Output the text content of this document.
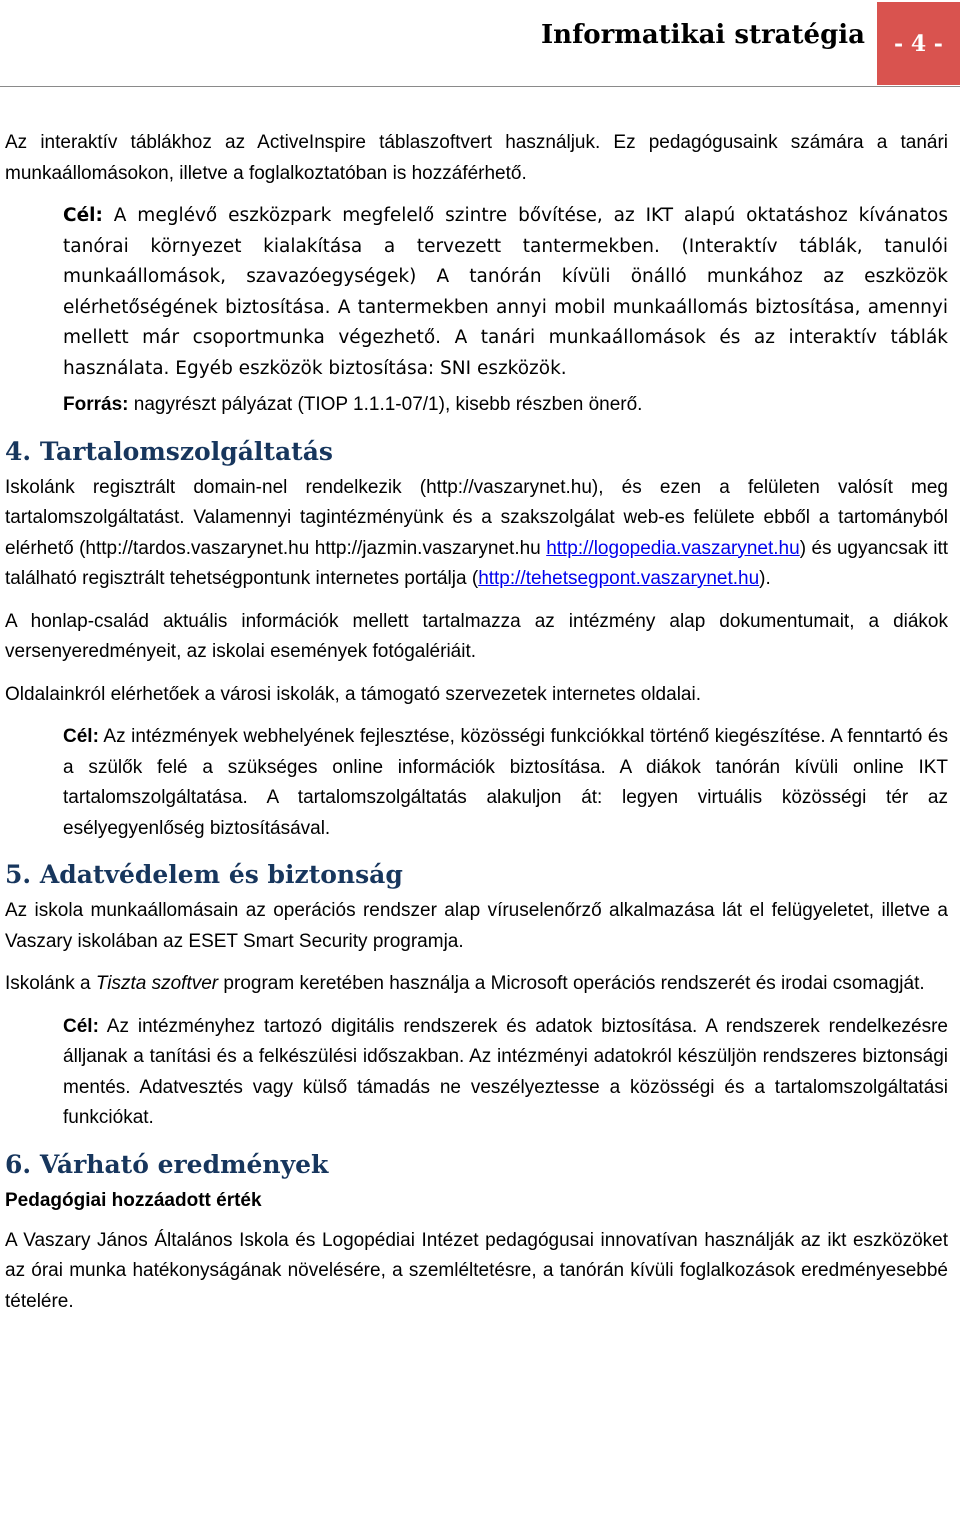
Informatikai stratégia	- 4 -

Az interaktív táblákhoz az ActiveInspire táblaszoftvert használjuk. Ez pedagógusaink számára a tanári munkaállomásokon, illetve a foglalkoztatóban is hozzáférhető.

Cél: A meglévő eszközpark megfelelő szintre bővítése, az IKT alapú oktatáshoz kívánatos tanórai környezet kialakítása a tervezett tantermekben. (Interaktív táblák, tanulói munkaállomások, szavazóegységek) A tanórán kívüli önálló munkához az eszközök elérhetőségének biztosítása. A tantermekben annyi mobil munkaállomás biztosítása, amennyi mellett már csoportmunka végezhető. A tanári munkaállomások és az interaktív táblák használata. Egyéb eszközök biztosítása: SNI eszközök.

Forrás: nagyrészt pályázat (TIOP 1.1.1-07/1), kisebb részben önerő.

4. Tartalomszolgáltatás

Iskolánk regisztrált domain-nel rendelkezik (http://vaszarynet.hu), és ezen a felületen valósít meg tartalomszolgáltatást. Valamennyi tagintézményünk és a szakszolgálat web-es felülete ebből a tartományból elérhető (http://tardos.vaszarynet.hu http://jazmin.vaszarynet.hu http://logopedia.vaszarynet.hu) és ugyancsak itt található regisztrált tehetségpontunk internetes portálja (http://tehetsegpont.vaszarynet.hu).

A honlap-család aktuális információk mellett tartalmazza az intézmény alap dokumentumait, a diákok versenyeredményeit, az iskolai események fotógalériáit.

Oldalainkról elérhetőek a városi iskolák, a támogató szervezetek internetes oldalai.

Cél: Az intézmények webhelyének fejlesztése, közösségi funkciókkal történő kiegészítése. A fenntartó és a szülők felé a szükséges online információk biztosítása. A diákok tanórán kívüli online IKT tartalomszolgáltatása. A tartalomszolgáltatás alakuljon át: legyen virtuális közösségi tér az esélyegyenlőség biztosításával.

5. Adatvédelem és biztonság

Az iskola munkaállomásain az operációs rendszer alap víruselenőrző alkalmazása lát el felügyeletet, illetve a Vaszary iskolában az ESET Smart Security programja.

Iskolánk a Tiszta szoftver program keretében használja a Microsoft operációs rendszerét és irodai csomagját.

Cél: Az intézményhez tartozó digitális rendszerek és adatok biztosítása. A rendszerek rendelkezésre álljanak a tanítási és a felkészülési időszakban. Az intézményi adatokról készüljön rendszeres biztonsági mentés. Adatvesztés vagy külső támadás ne veszélyeztesse a közösségi és a tartalomszolgáltatási funkciókat.

6. Várható eredmények
Pedagógiai hozzáadott érték

A Vaszary János Általános Iskola és Logopédiai Intézet pedagógusai innovatívan használják az ikt eszközöket az órai munka hatékonyságának növelésére, a szemléltetésre, a tanórán kívüli foglalkozások eredményesebbé tételére.
